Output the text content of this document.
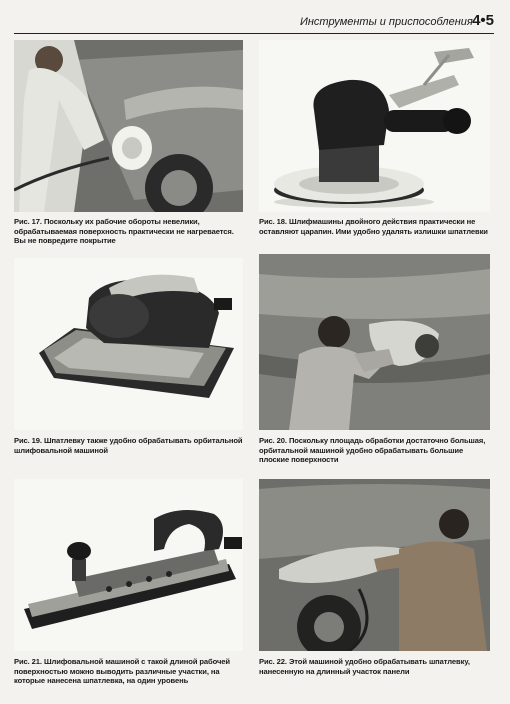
Инструменты и приспособления 4•5
Рис. 17. Поскольку их рабочие обороты невелики, обрабатываемая поверхность практически не нагревается. Вы не повредите покрытие
Рис. 18. Шлифмашины двойного действия практически не оставляют царапин. Ими удобно удалять излишки шпатлевки
Рис. 19. Шпатлевку также удобно обрабатывать орбитальной шлифовальной машиной
Рис. 20. Поскольку площадь обработки достаточно большая, орбитальной машиной удобно обрабатывать большие плоские поверхности
Рис. 21. Шлифовальной машиной с такой длиной рабочей поверхностью можно выводить различные участки, на которые нанесена шпатлевка, на один уровень
Рис. 22. Этой машиной удобно обрабатывать шпатлевку, нанесенную на длинный участок панели
